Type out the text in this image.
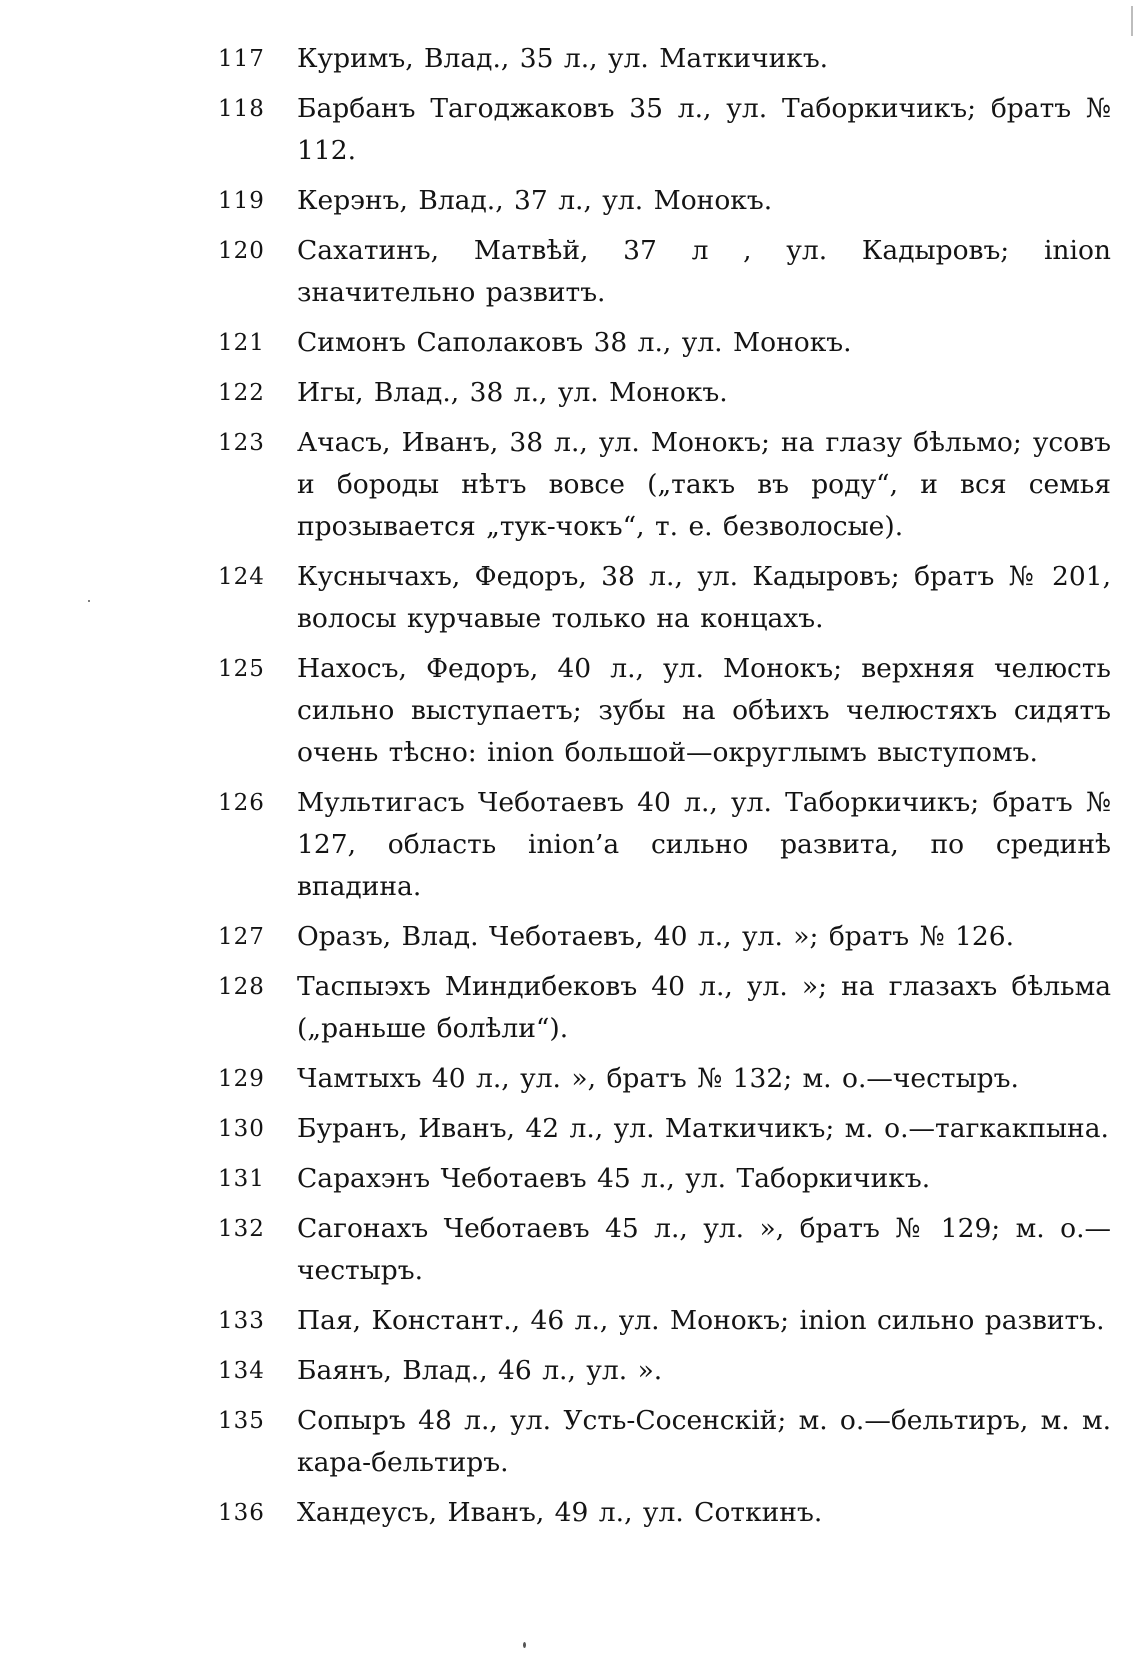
117	Куримъ, Влад., 35 л., ул. Маткичикъ.
118	Барбанъ Тагоджаковъ 35 л., ул. Таборкичикъ; братъ № 112.
119	Керэнъ, Влад., 37 л., ул. Монокъ.
120	Сахатинъ, Матвѣй, 37 л , ул. Кадыровъ; inion значительно развитъ.
121	Симонъ Саполаковъ 38 л., ул. Монокъ.
122	Игы, Влад., 38 л., ул. Монокъ.
123	Ачасъ, Иванъ, 38 л., ул. Монокъ; на глазу бѣльмо; усовъ и бороды нѣтъ вовсе („такъ въ роду“, и вся семья прозывается „тук-чокъ“, т. е. безволосые).
124	Куснычахъ, Федоръ, 38 л., ул. Кадыровъ; братъ № 201, волосы курчавые только на концахъ.
125	Нахосъ, Федоръ, 40 л., ул. Монокъ; верхняя челюсть сильно выступаетъ; зубы на обѣихъ челюстяхъ сидятъ очень тѣсно: inion большой—округлымъ выступомъ.
126	Мультигасъ Чеботаевъ 40 л., ул. Таборкичикъ; братъ № 127, область inion’а сильно развита, по срединѣ впадина.
127	Оразъ, Влад. Чеботаевъ, 40 л., ул. »; братъ № 126.
128	Таспыэхъ Миндибековъ 40 л., ул. »; на глазахъ бѣльма („раньше болѣли“).
129	Чамтыхъ 40 л., ул. », братъ № 132; м. о.—честыръ.
130	Буранъ, Иванъ, 42 л., ул. Маткичикъ; м. о.—тагкакпына.
131	Сарахэнъ Чеботаевъ 45 л., ул. Таборкичикъ.
132	Сагонахъ Чеботаевъ 45 л., ул. », братъ № 129; м. о.—честыръ.
133	Пая, Констант., 46 л., ул. Монокъ; inion сильно развитъ.
134	Баянъ, Влад., 46 л., ул. ».
135	Сопыръ 48 л., ул. Усть-Сосенскій; м. о.—бельтиръ, м. м. кара-бельтиръ.
136	Хандеусъ, Иванъ, 49 л., ул. Соткинъ.
